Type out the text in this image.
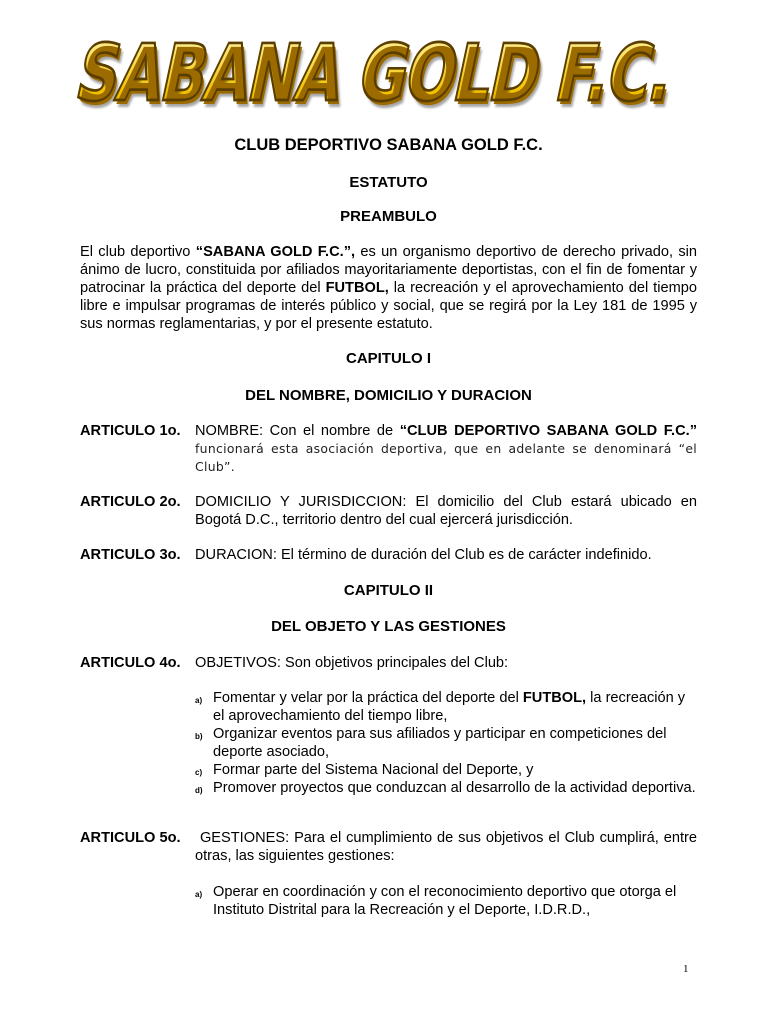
SABANA GOLD F.C.
CLUB DEPORTIVO SABANA GOLD F.C.
ESTATUTO
PREAMBULO
El club deportivo “SABANA GOLD F.C.”, es un organismo deportivo de derecho privado, sin ánimo de lucro, constituida por afiliados mayoritariamente deportistas, con el fin de fomentar y patrocinar la práctica del deporte del FUTBOL, la recreación y el aprovechamiento del tiempo libre e impulsar programas de interés público y social, que se regirá por la Ley 181 de 1995 y sus normas reglamentarias, y por el presente estatuto.
CAPITULO I
DEL NOMBRE, DOMICILIO Y DURACION
ARTICULO 1o. NOMBRE: Con el nombre de “CLUB DEPORTIVO SABANA GOLD F.C.” funcionará esta asociación deportiva, que en adelante se denominará “el Club”.
ARTICULO 2o. DOMICILIO Y JURISDICCION: El domicilio del Club estará ubicado en Bogotá D.C., territorio dentro del cual ejercerá jurisdicción.
ARTICULO 3o. DURACION: El término de duración del Club es de carácter indefinido.
CAPITULO II
DEL OBJETO Y LAS GESTIONES
ARTICULO 4o. OBJETIVOS: Son objetivos principales del Club:
a) Fomentar y velar por la práctica del deporte del FUTBOL, la recreación y el aprovechamiento del tiempo libre,
b) Organizar eventos para sus afiliados y participar en competiciones del deporte asociado,
c) Formar parte del Sistema Nacional del Deporte, y
d) Promover proyectos que conduzcan al desarrollo de la actividad deportiva.
ARTICULO 5o. GESTIONES: Para el cumplimiento de sus objetivos el Club cumplirá, entre otras, las siguientes gestiones:
a) Operar en coordinación y con el reconocimiento deportivo que otorga el Instituto Distrital para la Recreación y el Deporte, I.D.R.D.,
1
